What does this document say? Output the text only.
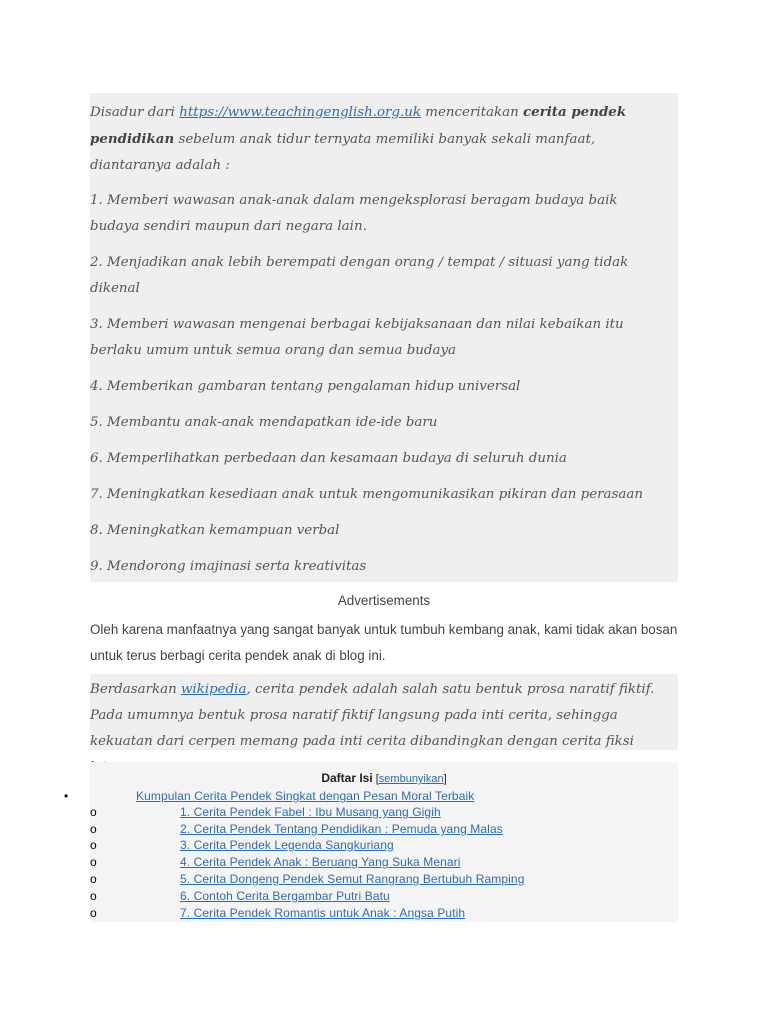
Disadur dari https://www.teachingenglish.org.uk menceritakan cerita pendek pendidikan sebelum anak tidur ternyata memiliki banyak sekali manfaat, diantaranya adalah :

1. Memberi wawasan anak-anak dalam mengeksplorasi beragam budaya baik budaya sendiri maupun dari negara lain.

2. Menjadikan anak lebih berempati dengan orang / tempat / situasi yang tidak dikenal

3. Memberi wawasan mengenai berbagai kebijaksanaan dan nilai kebaikan itu berlaku umum untuk semua orang dan semua budaya

4. Memberikan gambaran tentang pengalaman hidup universal

5. Membantu anak-anak mendapatkan ide-ide baru

6. Memperlihatkan perbedaan dan kesamaan budaya di seluruh dunia

7. Meningkatkan kesediaan anak untuk mengomunikasikan pikiran dan perasaan

8. Meningkatkan kemampuan verbal

9. Mendorong imajinasi serta kreativitas

Advertisements

Oleh karena manfaatnya yang sangat banyak untuk tumbuh kembang anak, kami tidak akan bosan untuk terus berbagi cerita pendek anak di blog ini.

Berdasarkan wikipedia, cerita pendek adalah salah satu bentuk prosa naratif fiktif. Pada umumnya bentuk prosa naratif fiktif langsung pada inti cerita, sehingga kekuatan dari cerpen memang pada inti cerita dibandingkan dengan cerita fiksi

Daftar Isi [sembunyikan]
•	Kumpulan Cerita Pendek Singkat dengan Pesan Moral Terbaik
o	1. Cerita Pendek Fabel : Ibu Musang yang Gigih
o	2. Cerita Pendek Tentang Pendidikan : Pemuda yang Malas
o	3. Cerita Pendek Legenda Sangkuriang
o	4. Cerita Pendek Anak : Beruang Yang Suka Menari
o	5. Cerita Dongeng Pendek Semut Rangrang Bertubuh Ramping
o	6. Contoh Cerita Bergambar Putri Batu
o	7. Cerita Pendek Romantis untuk Anak : Angsa Putih
